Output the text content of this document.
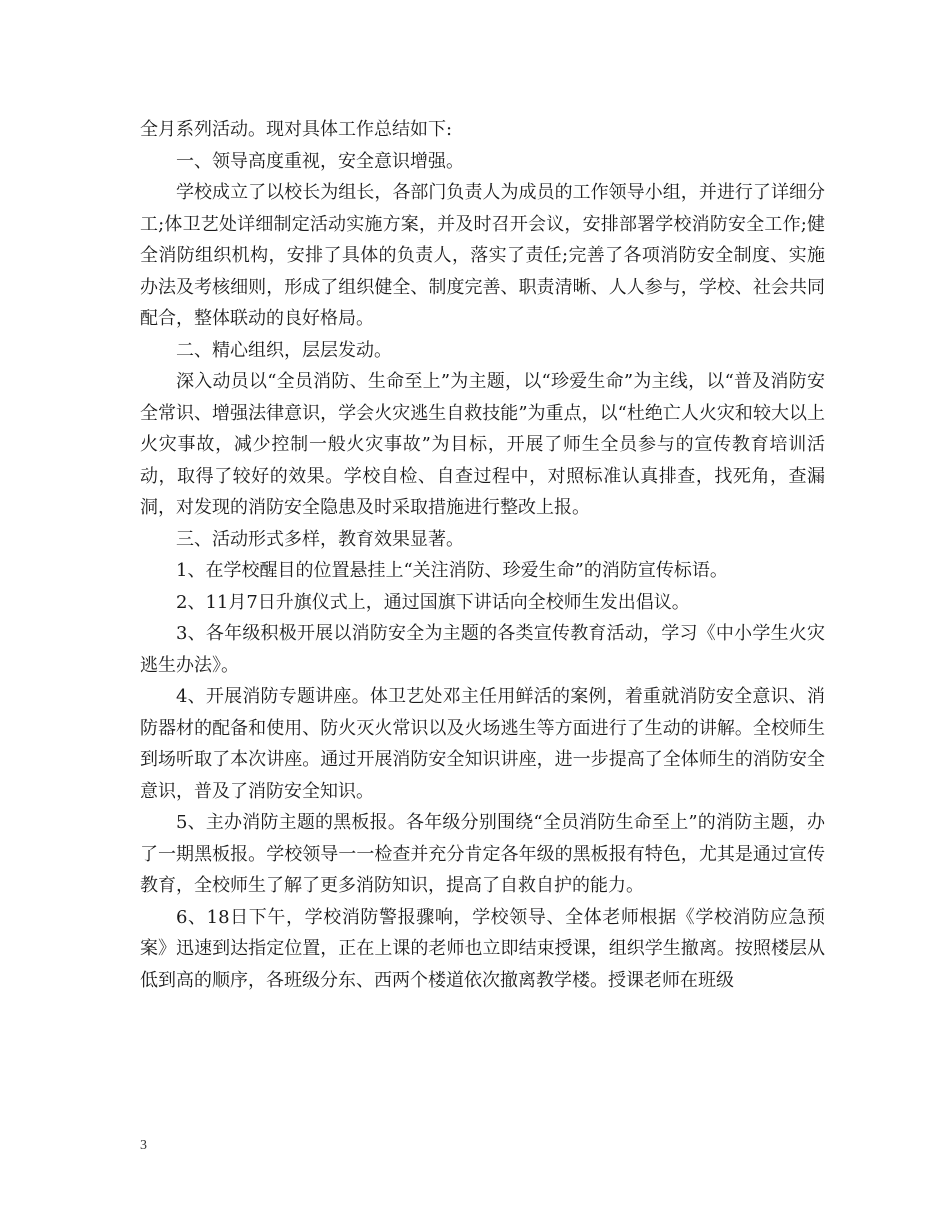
全月系列活动。现对具体工作总结如下:

一、领导高度重视，安全意识增强。

学校成立了以校长为组长，各部门负责人为成员的工作领导小组，并进行了详细分工;体卫艺处详细制定活动实施方案，并及时召开会议，安排部署学校消防安全工作;健全消防组织机构，安排了具体的负责人，落实了责任;完善了各项消防安全制度、实施办法及考核细则，形成了组织健全、制度完善、职责清晰、人人参与，学校、社会共同配合，整体联动的良好格局。

二、精心组织，层层发动。

深入动员以“全员消防、生命至上”为主题，以“珍爱生命”为主线，以“普及消防安全常识、增强法律意识，学会火灾逃生自救技能”为重点，以“杜绝亡人火灾和较大以上火灾事故，减少控制一般火灾事故”为目标，开展了师生全员参与的宣传教育培训活动，取得了较好的效果。学校自检、自查过程中，对照标准认真排查，找死角，查漏洞，对发现的消防安全隐患及时采取措施进行整改上报。

三、活动形式多样，教育效果显著。

1、在学校醒目的位置悬挂上“关注消防、珍爱生命”的消防宣传标语。

2、11月7日升旗仪式上，通过国旗下讲话向全校师生发出倡议。

3、各年级积极开展以消防安全为主题的各类宣传教育活动，学习《中小学生火灾逃生办法》。

4、开展消防专题讲座。体卫艺处邓主任用鲜活的案例，着重就消防安全意识、消防器材的配备和使用、防火灭火常识以及火场逃生等方面进行了生动的讲解。全校师生到场听取了本次讲座。通过开展消防安全知识讲座，进一步提高了全体师生的消防安全意识，普及了消防安全知识。

5、主办消防主题的黑板报。各年级分别围绕“全员消防生命至上”的消防主题，办了一期黑板报。学校领导一一检查并充分肯定各年级的黑板报有特色，尤其是通过宣传教育，全校师生了解了更多消防知识，提高了自救自护的能力。

6、18日下午，学校消防警报骤响，学校领导、全体老师根据《学校消防应急预案》迅速到达指定位置，正在上课的老师也立即结束授课，组织学生撤离。按照楼层从低到高的顺序，各班级分东、西两个楼道依次撤离教学楼。授课老师在班级

3
